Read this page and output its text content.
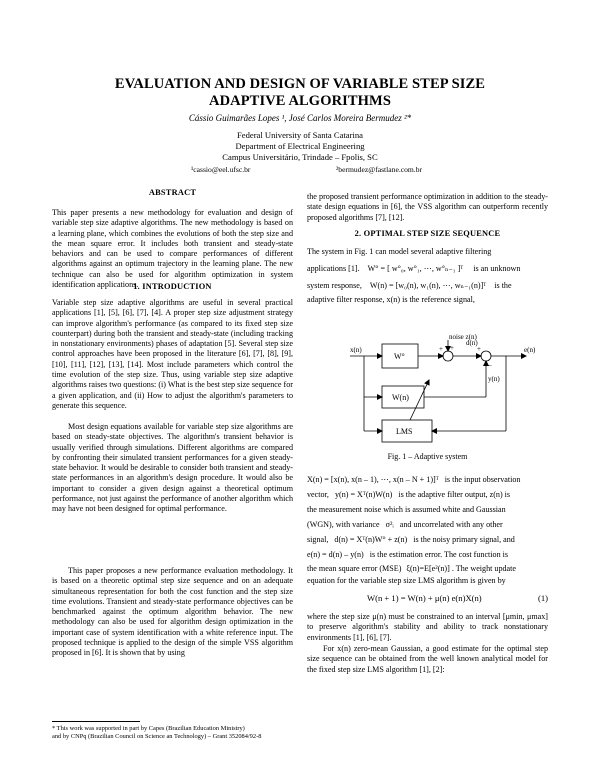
EVALUATION AND DESIGN OF VARIABLE STEP SIZE
ADAPTIVE ALGORITHMS
Cássio Guimarães Lopes ¹, José Carlos Moreira Bermudez ²*
Federal University of Santa Catarina
Department of Electrical Engineering
Campus Universitário, Trindade – Fpolis, SC
¹cassio@eel.ufsc.br	²bermudez@fastlane.com.br
ABSTRACT
This paper presents a new methodology for evaluation and design of variable step size adaptive algorithms. The new methodology is based on a learning plane, which combines the evolutions of both the step size and the mean square error. It includes both transient and steady-state behaviors and can be used to compare performances of different algorithms against an optimum trajectory in the learning plane. The new technique can also be used for algorithm optimization in system identification applications.
1. INTRODUCTION
Variable step size adaptive algorithms are useful in several practical applications [1], [5], [6], [7], [4]. A proper step size adjustment strategy can improve algorithm's performance (as compared to its fixed step size counterpart) during both the transient and steady-state (including tracking in nonstationary environments) phases of adaptation [5]. Several step size control approaches have been proposed in the literature [6], [7], [8], [9], [10], [11], [12], [13], [14]. Most include parameters which control the time evolution of the step size. Thus, using variable step size adaptive algorithms raises two questions: (i) What is the best step size sequence for a given application, and (ii) How to adjust the algorithm's parameters to generate this sequence.
Most design equations available for variable step size algorithms are based on steady-state objectives. The algorithm's transient behavior is usually verified through simulations. Different algorithms are compared by confronting their simulated transient performances for a given steady-state behavior. It would be desirable to consider both transient and steady-state performances in an algorithm's design procedure. It would also be important to consider a given design against a theoretical optimum performance, not just against the performance of another algorithm which may have not been designed for optimal performance.
This paper proposes a new performance evaluation methodology. It is based on a theoretic optimal step size sequence and on an adequate simultaneous representation for both the cost function and the step size time evolutions. Transient and steady-state performance objectives can be benchmarked against the optimum algorithm behavior. The new methodology can also be used for algorithm design optimization in the important case of system identification with a white reference input. The proposed technique is applied to the design of the simple VSS algorithm proposed in [6]. It is shown that by using
* This work was supported in part by Capes (Brazilian Education Ministry)
and by CNPq (Brazilian Council on Science an Technology) – Grant 352084/92-8
the proposed transient performance optimization in addition to the steady-state design equations in [6], the VSS algorithm can outperform recently proposed algorithms [7], [12].
2. OPTIMAL STEP SIZE SEQUENCE
The system in Fig. 1 can model several adaptive filtering
applications [1]. W° = [ w°₀, w°₁, ⋯, w°ₙ₋₁ ]ᵀ is an unknown
system response, W(n) = [w₀(n), w₁(n), ⋯, wₙ₋₁(n)]ᵀ is the
adaptive filter response, x(n) is the reference signal,
noise z(n)
d(n)
x(n)
W°
W(n)
LMS
e(n)
y(n)
+ +	+
–
Fig. 1 – Adaptive system
X(n) = [x(n), x(n – 1), ⋯, x(n – N + 1)]ᵀ is the input observation
vector, y(n) = Xᵀ(n)W(n) is the adaptive filter output, z(n) is
the measurement noise which is assumed white and Gaussian
(WGN), with variance σ²ᵢ and uncorrelated with any other
signal, d(n) = Xᵀ(n)W° + z(n) is the noisy primary signal, and
e(n) = d(n) – y(n) is the estimation error. The cost function is
the mean square error (MSE) ξ(n)=E[e²(n)] . The weight update
equation for the variable step size LMS algorithm is given by
W(n + 1) = W(n) + μ(n) e(n)X(n)	(1)
where the step size μ(n) must be constrained to an interval [μmin, μmax] to preserve algorithm's stability and ability to track nonstationary environments [1], [6], [7].
For x(n) zero-mean Gaussian, a good estimate for the optimal step size sequence can be obtained from the well known analytical model for the fixed step size LMS algorithm [1], [2]:
